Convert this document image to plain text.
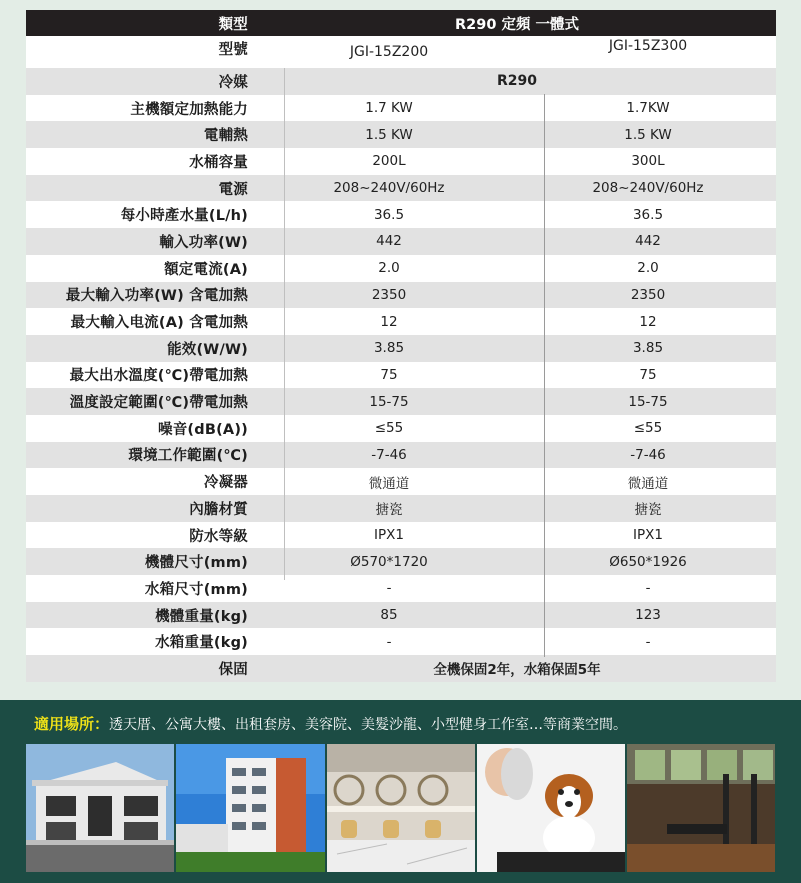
類型	R290 定頻 一體式
型號	JGI-15Z200	JGI-15Z300
冷媒	R290
主機額定加熱能力	1.7 KW	1.7KW
電輔熱	1.5 KW	1.5 KW
水桶容量	200L	300L
電源	208~240V/60Hz	208~240V/60Hz
每小時產水量(L/h)	36.5	36.5
輸入功率(W)	442	442
額定電流(A)	2.0	2.0
最大輸入功率(W) 含電加熱	2350	2350
最大輸入电流(A) 含電加熱	12	12
能效(W/W)	3.85	3.85
最大出水溫度(℃)帶電加熱	75	75
溫度設定範圍(℃)帶電加熱	15-75	15-75
噪音(dB(A))	≤55	≤55
環境工作範圍(℃)	-7-46	-7-46
冷凝器	微通道	微通道
內膽材質	搪瓷	搪瓷
防水等級	IPX1	IPX1
機體尺寸(mm)	Ø570*1720	Ø650*1926
水箱尺寸(mm)	-	-
機體重量(kg)	85	123
水箱重量(kg)	-	-
保固	全機保固2年，水箱保固5年
適用場所：透天厝、公寓大樓、出租套房、美容院、美髮沙龍、小型健身工作室…等商業空間。
